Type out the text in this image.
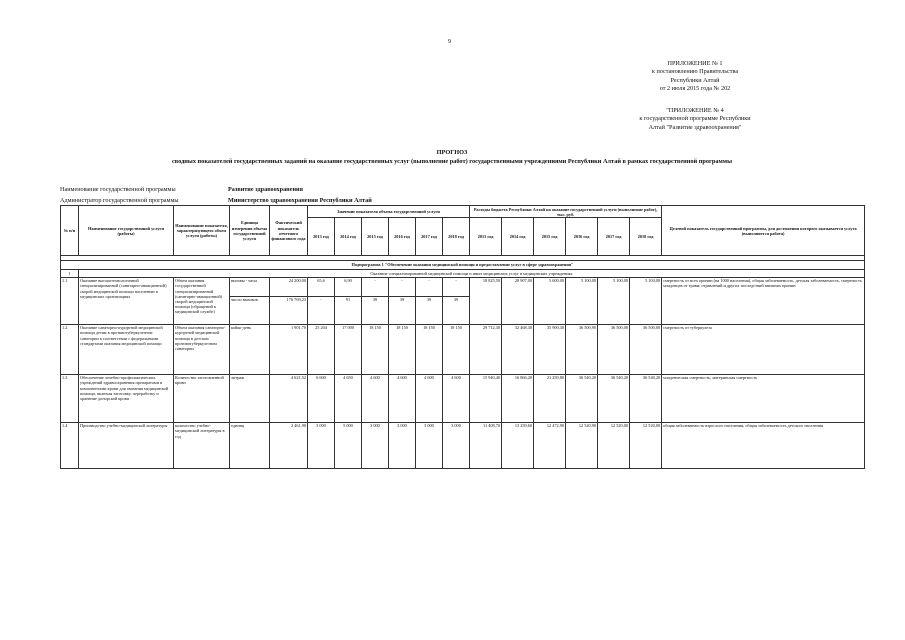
9
ПРИЛОЖЕНИЕ № 1
к постановлению Правительства
Республики Алтай
от 2 июля 2015 года № 202
"ПРИЛОЖЕНИЕ № 4
к государственной программе Республики
Алтай "Развитие здравоохранения"
ПРОГНОЗ
сводных показателей государственных заданий на оказание государственных услуг (выполнение работ) государственными учреждениями Республики Алтай в рамках государственной программы
Наименование государственной программы	Развитие здравоохранения
Администратор государственной программы	Министерство здравоохранения Республики Алтай
№ п/п	Наименование государственной услуги (работы)	Наименование показателя, характеризующего объем услуги (работы)	Единица измерения объема государственной услуги	Фактический показатель отчетного финансового года	Значение показателя объема государственной услуги						Расходы бюджета Республики Алтай на оказание государственной услуги (выполнение работ), тыс. руб.						Целевой показатель государственной программы, для достижения которого оказывается услуга (выполняется работа)
					2013 год	2014 год	2015 год	2016 год	2017 год	2018 год	2013 год	2014 год	2015 год	2016 год	2017 год	2018 год	

Подпрограмма 1 "Обеспечение оказания медицинской помощи и предоставление услуг в сфере здравоохранения"																	
1	Оказание специализированной медицинской помощи и иных медицинских услуг в медицинских учреждениях																
1.1	Оказание высокотехнологичной специализированной (санитарно-авиационной) скорой медицинской помощи населению в медицинских организациях	Объем оказания государственной специализированной (санитарно-авиационной) скорой медицинской помощи (обращений к медицинской службе)	вызовы - часы	24 200,00	65,6	6,90	-	-	-	-	18 825,50	20 907,00	5 600,00	5 100,00	5 100,00	5 100,00	смертность от всех причин (на 1000 населения), общая заболеваемость, детская заболеваемость, смертность младенцев от травм, отравлений и других последствий внешних причин
			число вызовов	176 769,23	-	91	39	39	39	39							
1.2	Оказание санаторно-курортной медицинской помощи детям в противотуберкулезном санатории в соответствии с федеральными стандартами оказания медицинской помощи	Объем оказания санаторно-курортной медицинской помощи в детском противотуберкулезном санатории	койко-день	1 901,70	25 204	17 000	18 150	18 150	18 150	18 150	29 712,30	32 468,30	35 900,30	36 500,90	36 500,00	36 500,00	смертность от туберкулеза
1.3	Обеспечение лечебно-профилактических учреждений здравоохранения препаратами и компонентами крови для оказания медицинской помощи, включая заготовку, переработку и хранение донорской крови	Количество заготовленной крови	литраж	4 621,52	6 600	4 650	4 600	4 600	4 600	4 600	15 940,40	16 866,20	21 259,80	36 540,20	36 540,20	36 540,20	младенческая смертность; материнская смертность
1.4	Производство учебно-медицинской литературы	количество учебно-медицинской литературы в год	единиц	2 461,90	3 000	5 000	3 000	3 000	3 000	3 000	11 408,70	13 259,60	12 472,90	12 520,90	12 520,00	12 520,00	общая заболеваемость взрослого населения; общая заболеваемость детского населения
